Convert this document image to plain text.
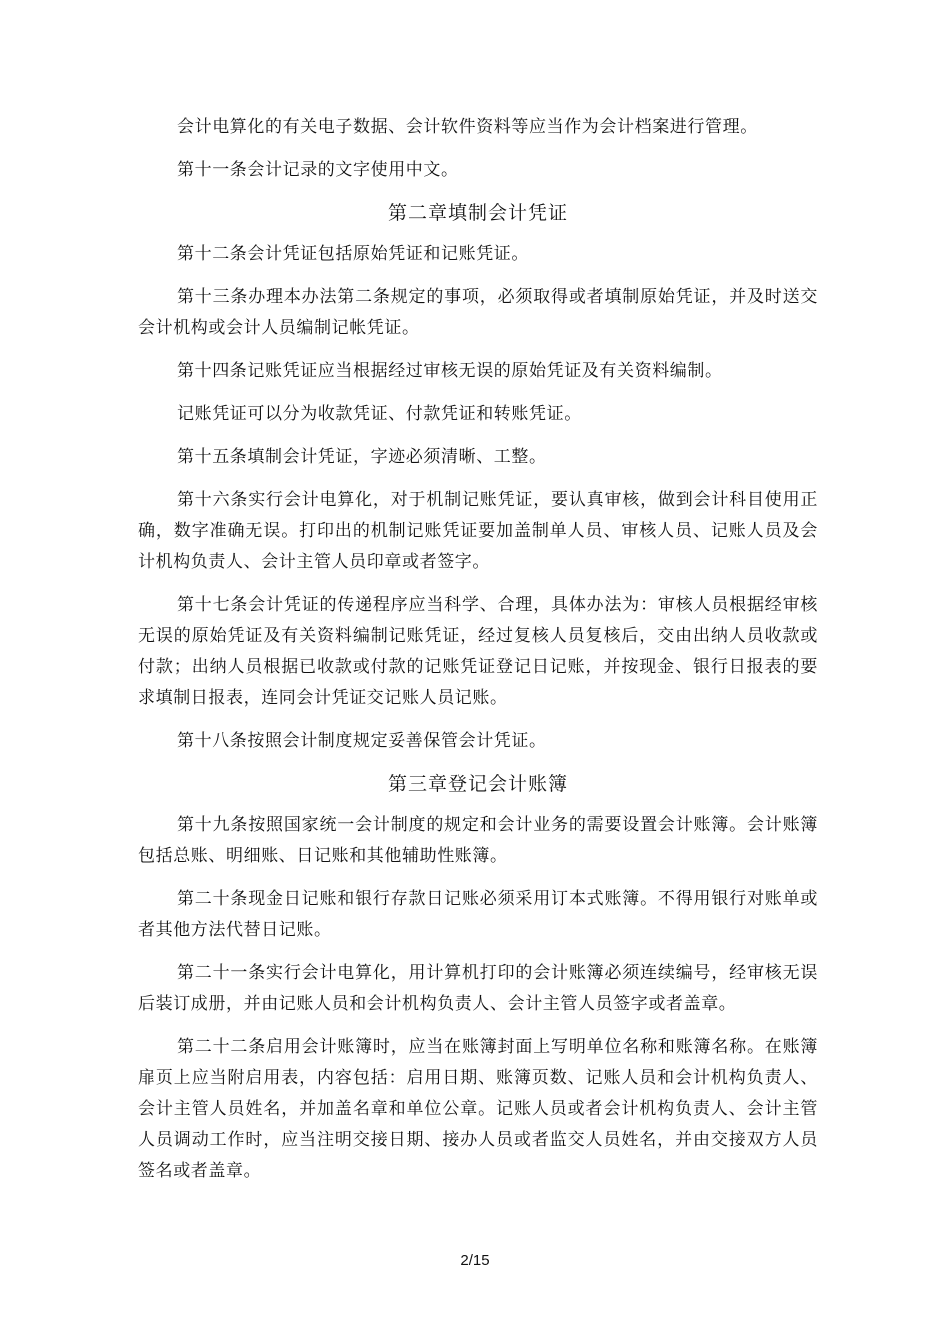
会计电算化的有关电子数据、会计软件资料等应当作为会计档案进行管理。

第十一条会计记录的文字使用中文。

第二章填制会计凭证

第十二条会计凭证包括原始凭证和记账凭证。

第十三条办理本办法第二条规定的事项，必须取得或者填制原始凭证，并及时送交会计机构或会计人员编制记帐凭证。

第十四条记账凭证应当根据经过审核无误的原始凭证及有关资料编制。

记账凭证可以分为收款凭证、付款凭证和转账凭证。

第十五条填制会计凭证，字迹必须清晰、工整。

第十六条实行会计电算化，对于机制记账凭证，要认真审核，做到会计科目使用正确，数字准确无误。打印出的机制记账凭证要加盖制单人员、审核人员、记账人员及会计机构负责人、会计主管人员印章或者签字。

第十七条会计凭证的传递程序应当科学、合理，具体办法为：审核人员根据经审核无误的原始凭证及有关资料编制记账凭证，经过复核人员复核后，交由出纳人员收款或付款；出纳人员根据已收款或付款的记账凭证登记日记账，并按现金、银行日报表的要求填制日报表，连同会计凭证交记账人员记账。

第十八条按照会计制度规定妥善保管会计凭证。

第三章登记会计账簿

第十九条按照国家统一会计制度的规定和会计业务的需要设置会计账簿。会计账簿包括总账、明细账、日记账和其他辅助性账簿。

第二十条现金日记账和银行存款日记账必须采用订本式账簿。不得用银行对账单或者其他方法代替日记账。

第二十一条实行会计电算化，用计算机打印的会计账簿必须连续编号，经审核无误后装订成册，并由记账人员和会计机构负责人、会计主管人员签字或者盖章。

第二十二条启用会计账簿时，应当在账簿封面上写明单位名称和账簿名称。在账簿扉页上应当附启用表，内容包括：启用日期、账簿页数、记账人员和会计机构负责人、会计主管人员姓名，并加盖名章和单位公章。记账人员或者会计机构负责人、会计主管人员调动工作时，应当注明交接日期、接办人员或者监交人员姓名，并由交接双方人员签名或者盖章。

2/15
